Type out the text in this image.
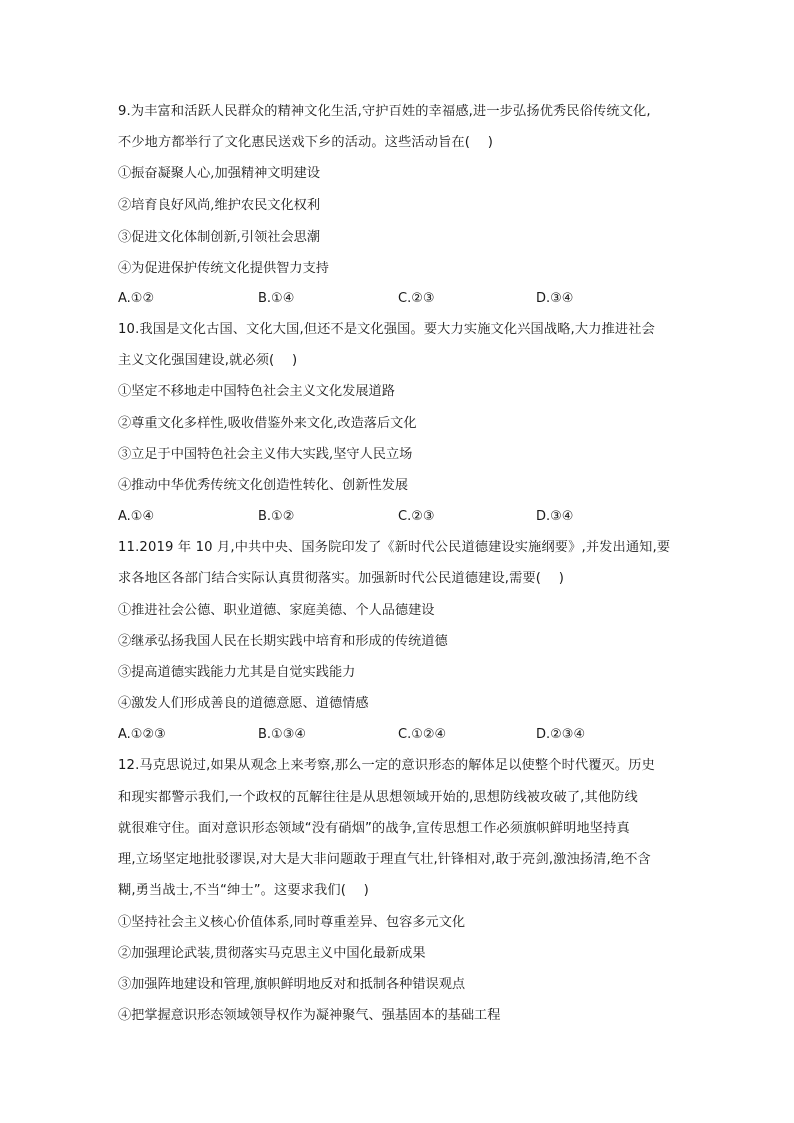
9.为丰富和活跃人民群众的精神文化生活,守护百姓的幸福感,进一步弘扬优秀民俗传统文化,
不少地方都举行了文化惠民送戏下乡的活动。这些活动旨在(　 )
①振奋凝聚人心,加强精神文明建设
②培育良好风尚,维护农民文化权利
③促进文化体制创新,引领社会思潮
④为促进保护传统文化提供智力支持
A.①②	B.①④	C.②③	D.③④
10.我国是文化古国、文化大国,但还不是文化强国。要大力实施文化兴国战略,大力推进社会
主义文化强国建设,就必须(　 )
①坚定不移地走中国特色社会主义文化发展道路
②尊重文化多样性,吸收借鉴外来文化,改造落后文化
③立足于中国特色社会主义伟大实践,坚守人民立场
④推动中华优秀传统文化创造性转化、创新性发展
A.①④	B.①②	C.②③	D.③④
11.2019 年 10 月,中共中央、国务院印发了《新时代公民道德建设实施纲要》,并发出通知,要
求各地区各部门结合实际认真贯彻落实。加强新时代公民道德建设,需要(　 )
①推进社会公德、职业道德、家庭美德、个人品德建设
②继承弘扬我国人民在长期实践中培育和形成的传统道德
③提高道德实践能力尤其是自觉实践能力
④激发人们形成善良的道德意愿、道德情感
A.①②③	B.①③④	C.①②④	D.②③④
12.马克思说过,如果从观念上来考察,那么一定的意识形态的解体足以使整个时代覆灭。历史
和现实都警示我们,一个政权的瓦解往往是从思想领域开始的,思想防线被攻破了,其他防线
就很难守住。面对意识形态领域“没有硝烟”的战争,宣传思想工作必须旗帜鲜明地坚持真
理,立场坚定地批驳谬误,对大是大非问题敢于理直气壮,针锋相对,敢于亮剑,激浊扬清,绝不含
糊,勇当战士,不当“绅士”。这要求我们(　 )
①坚持社会主义核心价值体系,同时尊重差异、包容多元文化
②加强理论武装,贯彻落实马克思主义中国化最新成果
③加强阵地建设和管理,旗帜鲜明地反对和抵制各种错误观点
④把掌握意识形态领域领导权作为凝神聚气、强基固本的基础工程
